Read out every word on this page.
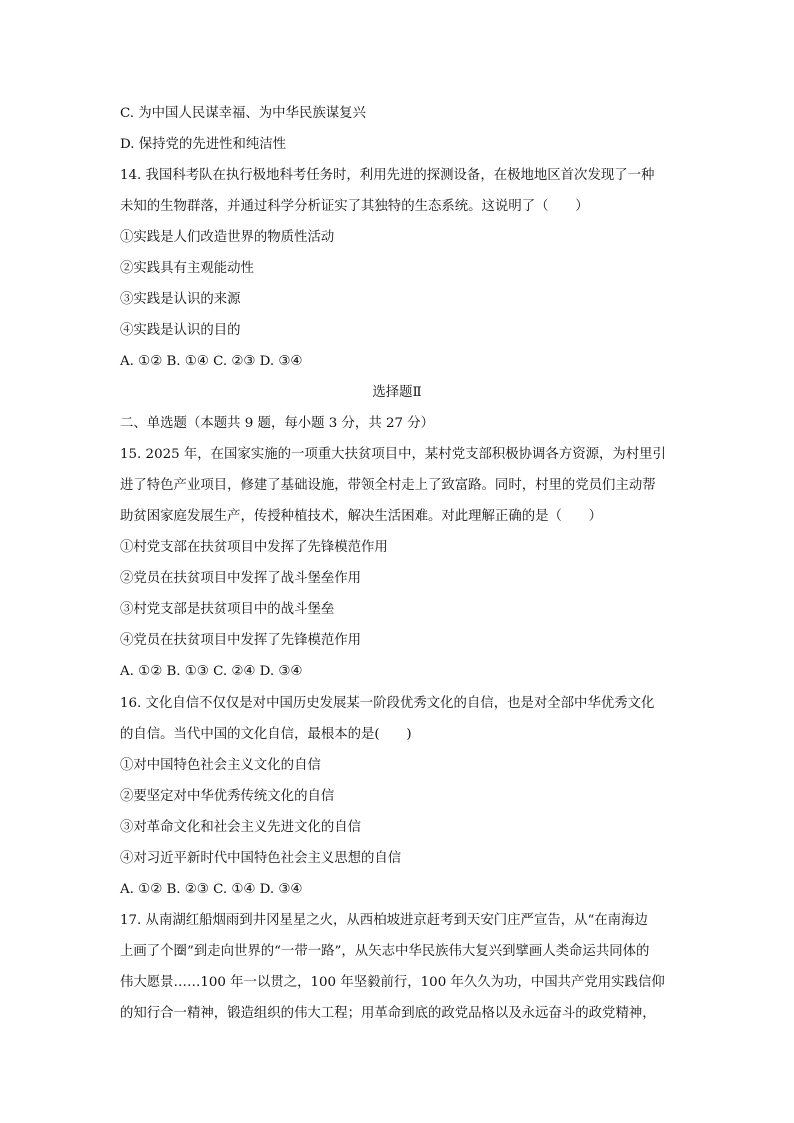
C. 为中国人民谋幸福、为中华民族谋复兴
D. 保持党的先进性和纯洁性
14. 我国科考队在执行极地科考任务时，利用先进的探测设备，在极地地区首次发现了一种
未知的生物群落，并通过科学分析证实了其独特的生态系统。这说明了（　　）
①实践是人们改造世界的物质性活动
②实践具有主观能动性
③实践是认识的来源
④实践是认识的目的
A. ①② B. ①④ C. ②③ D. ③④
选择题Ⅱ
二、单选题（本题共 9 题，每小题 3 分，共 27 分）
15. 2025 年，在国家实施的一项重大扶贫项目中，某村党支部积极协调各方资源，为村里引
进了特色产业项目，修建了基础设施，带领全村走上了致富路。同时，村里的党员们主动帮
助贫困家庭发展生产，传授种植技术，解决生活困难。对此理解正确的是（　　）
①村党支部在扶贫项目中发挥了先锋模范作用
②党员在扶贫项目中发挥了战斗堡垒作用
③村党支部是扶贫项目中的战斗堡垒
④党员在扶贫项目中发挥了先锋模范作用
A. ①② B. ①③ C. ②④ D. ③④
16. 文化自信不仅仅是对中国历史发展某一阶段优秀文化的自信，也是对全部中华优秀文化
的自信。当代中国的文化自信，最根本的是(　　)
①对中国特色社会主义文化的自信
②要坚定对中华优秀传统文化的自信
③对革命文化和社会主义先进文化的自信
④对习近平新时代中国特色社会主义思想的自信
A. ①② B. ②③ C. ①④ D. ③④
17. 从南湖红船烟雨到井冈星星之火，从西柏坡进京赶考到天安门庄严宣告，从“在南海边
上画了个圈”到走向世界的“一带一路”，从矢志中华民族伟大复兴到擘画人类命运共同体的
伟大愿景……100 年一以贯之，100 年坚毅前行，100 年久久为功，中国共产党用实践信仰
的知行合一精神，锻造组织的伟大工程；用革命到底的政党品格以及永远奋斗的政党精神，
